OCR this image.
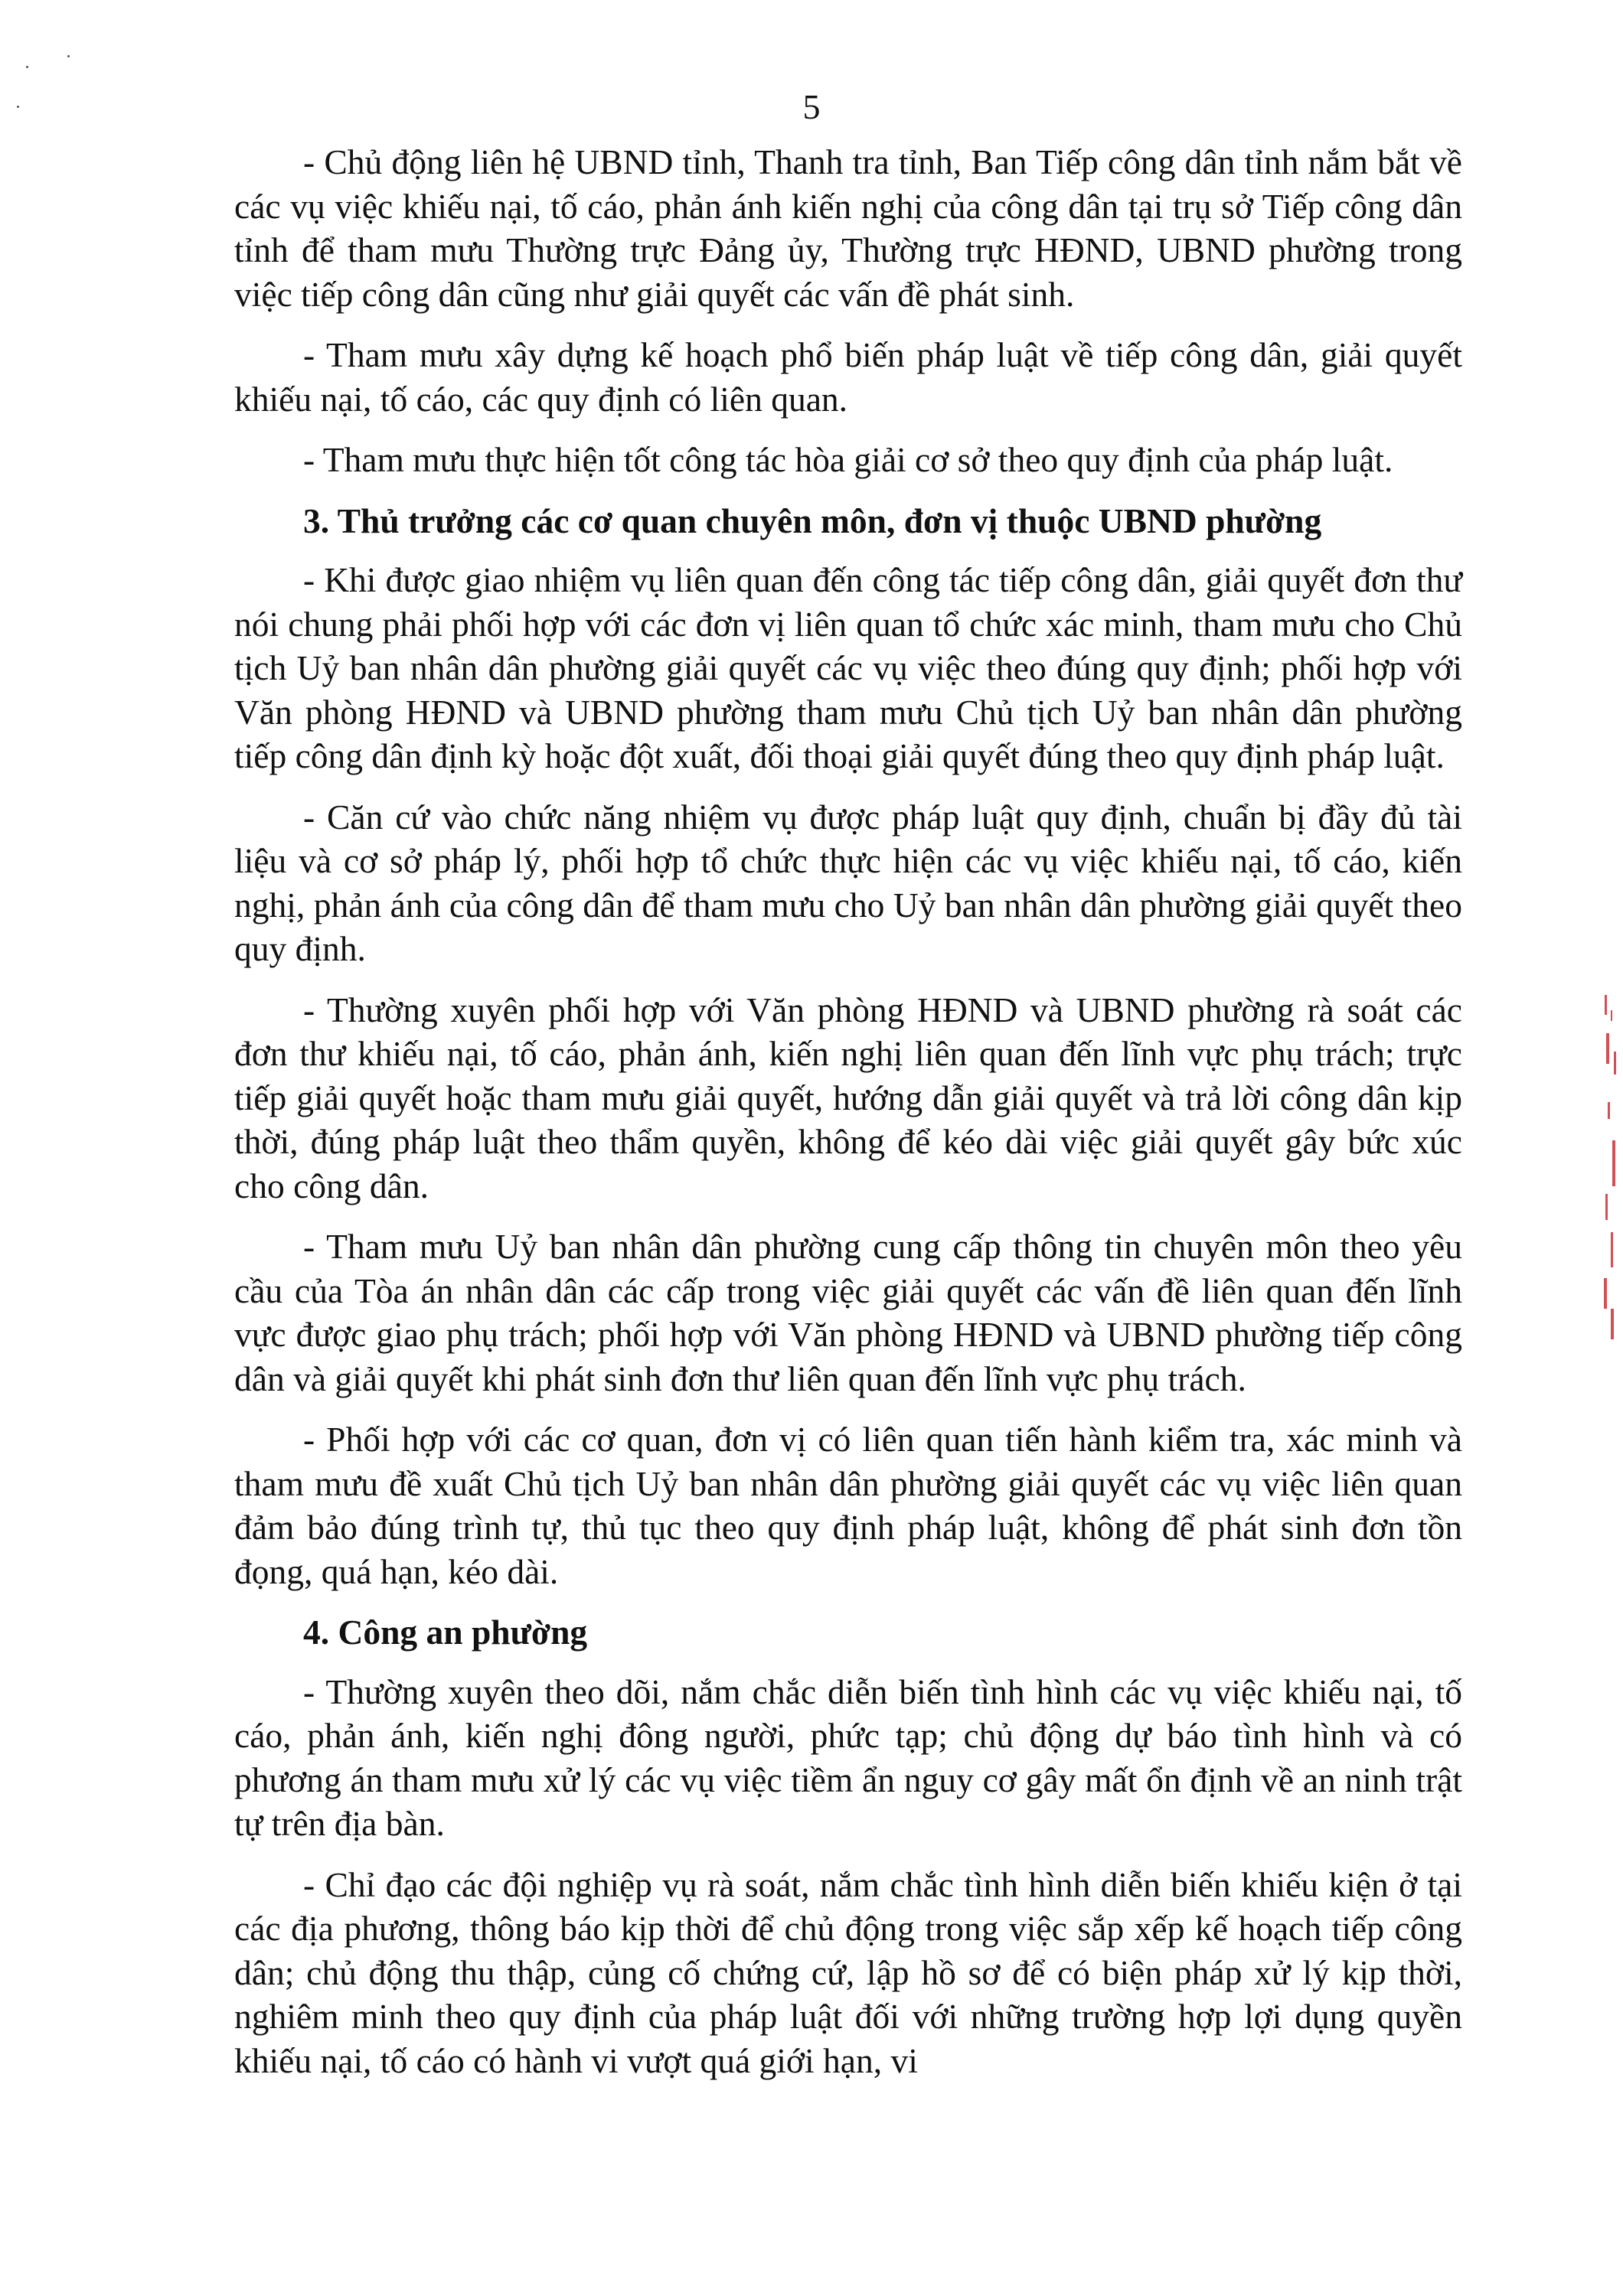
5

- Chủ động liên hệ UBND tỉnh, Thanh tra tỉnh, Ban Tiếp công dân tỉnh nắm bắt về các vụ việc khiếu nại, tố cáo, phản ánh kiến nghị của công dân tại trụ sở Tiếp công dân tỉnh để tham mưu Thường trực Đảng ủy, Thường trực HĐND, UBND phường trong việc tiếp công dân cũng như giải quyết các vấn đề phát sinh.

- Tham mưu xây dựng kế hoạch phổ biến pháp luật về tiếp công dân, giải quyết khiếu nại, tố cáo, các quy định có liên quan.

- Tham mưu thực hiện tốt công tác hòa giải cơ sở theo quy định của pháp luật.

3. Thủ trưởng các cơ quan chuyên môn, đơn vị thuộc UBND phường

- Khi được giao nhiệm vụ liên quan đến công tác tiếp công dân, giải quyết đơn thư nói chung phải phối hợp với các đơn vị liên quan tổ chức xác minh, tham mưu cho Chủ tịch Uỷ ban nhân dân phường giải quyết các vụ việc theo đúng quy định; phối hợp với Văn phòng HĐND và UBND phường tham mưu Chủ tịch Uỷ ban nhân dân phường tiếp công dân định kỳ hoặc đột xuất, đối thoại giải quyết đúng theo quy định pháp luật.

- Căn cứ vào chức năng nhiệm vụ được pháp luật quy định, chuẩn bị đầy đủ tài liệu và cơ sở pháp lý, phối hợp tổ chức thực hiện các vụ việc khiếu nại, tố cáo, kiến nghị, phản ánh của công dân để tham mưu cho Uỷ ban nhân dân phường giải quyết theo quy định.

- Thường xuyên phối hợp với Văn phòng HĐND và UBND phường rà soát các đơn thư khiếu nại, tố cáo, phản ánh, kiến nghị liên quan đến lĩnh vực phụ trách; trực tiếp giải quyết hoặc tham mưu giải quyết, hướng dẫn giải quyết và trả lời công dân kịp thời, đúng pháp luật theo thẩm quyền, không để kéo dài việc giải quyết gây bức xúc cho công dân.

- Tham mưu Uỷ ban nhân dân phường cung cấp thông tin chuyên môn theo yêu cầu của Tòa án nhân dân các cấp trong việc giải quyết các vấn đề liên quan đến lĩnh vực được giao phụ trách; phối hợp với Văn phòng HĐND và UBND phường tiếp công dân và giải quyết khi phát sinh đơn thư liên quan đến lĩnh vực phụ trách.

- Phối hợp với các cơ quan, đơn vị có liên quan tiến hành kiểm tra, xác minh và tham mưu đề xuất Chủ tịch Uỷ ban nhân dân phường giải quyết các vụ việc liên quan đảm bảo đúng trình tự, thủ tục theo quy định pháp luật, không để phát sinh đơn tồn đọng, quá hạn, kéo dài.

4. Công an phường

- Thường xuyên theo dõi, nắm chắc diễn biến tình hình các vụ việc khiếu nại, tố cáo, phản ánh, kiến nghị đông người, phức tạp; chủ động dự báo tình hình và có phương án tham mưu xử lý các vụ việc tiềm ẩn nguy cơ gây mất ổn định về an ninh trật tự trên địa bàn.

- Chỉ đạo các đội nghiệp vụ rà soát, nắm chắc tình hình diễn biến khiếu kiện ở tại các địa phương, thông báo kịp thời để chủ động trong việc sắp xếp kế hoạch tiếp công dân; chủ động thu thập, củng cố chứng cứ, lập hồ sơ để có biện pháp xử lý kịp thời, nghiêm minh theo quy định của pháp luật đối với những trường hợp lợi dụng quyền khiếu nại, tố cáo có hành vi vượt quá giới hạn, vi
